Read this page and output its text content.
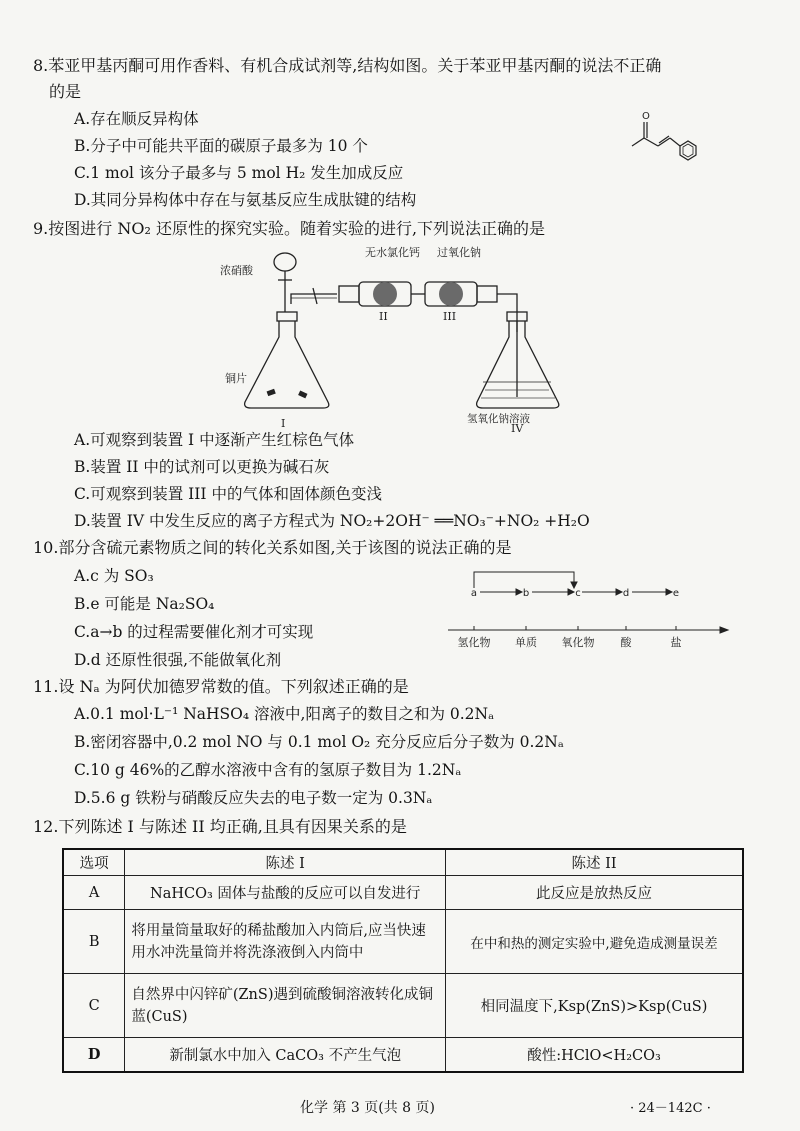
8.苯亚甲基丙酮可用作香料、有机合成试剂等,结构如图。关于苯亚甲基丙酮的说法不正确
的是
A.存在顺反异构体
B.分子中可能共平面的碳原子最多为 10 个
C.1 mol 该分子最多与 5 mol H₂ 发生加成反应
D.其同分异构体中存在与氨基反应生成肽键的结构
O
9.按图进行 NO₂ 还原性的探究实验。随着实验的进行,下列说法正确的是
浓硝酸
铜片
无水氯化钙 过氧化钠
氢氧化钠溶液
I
II	III
IV
A.可观察到装置 I 中逐渐产生红棕色气体
B.装置 II 中的试剂可以更换为碱石灰
C.可观察到装置 III 中的气体和固体颜色变浅
D.装置 IV 中发生反应的离子方程式为 NO₂+2OH⁻ ══NO₃⁻+NO₂ +H₂O
10.部分含硫元素物质之间的转化关系如图,关于该图的说法正确的是
A.c 为 SO₃
B.e 可能是 Na₂SO₄
C.a→b 的过程需要催化剂才可实现
D.d 还原性很强,不能做氧化剂
a	b	c	d	e
氢化物 单质 氧化物 酸	盐
11.设 Nₐ 为阿伏加德罗常数的值。下列叙述正确的是
A.0.1 mol·L⁻¹ NaHSO₄ 溶液中,阳离子的数目之和为 0.2Nₐ
B.密闭容器中,0.2 mol NO 与 0.1 mol O₂ 充分反应后分子数为 0.2Nₐ
C.10 g 46%的乙醇水溶液中含有的氢原子数目为 1.2Nₐ
D.5.6 g 铁粉与硝酸反应失去的电子数一定为 0.3Nₐ
12.下列陈述 I 与陈述 II 均正确,且具有因果关系的是
选项	陈述 I	陈述 II
A	NaHCO₃ 固体与盐酸的反应可以自发进行	此反应是放热反应
B	将用量筒量取好的稀盐酸加入内筒后,应当快速用水冲洗量筒并将洗涤液倒入内筒中	在中和热的测定实验中,避免造成测量误差
C	自然界中闪锌矿(ZnS)遇到硫酸铜溶液转化成铜蓝(CuS)	相同温度下,Ksp(ZnS)>Ksp(CuS)
D	新制氯水中加入 CaCO₃ 不产生气泡	酸性:HClO<H₂CO₃
化学 第 3 页(共 8 页)	· 24－142C ·
